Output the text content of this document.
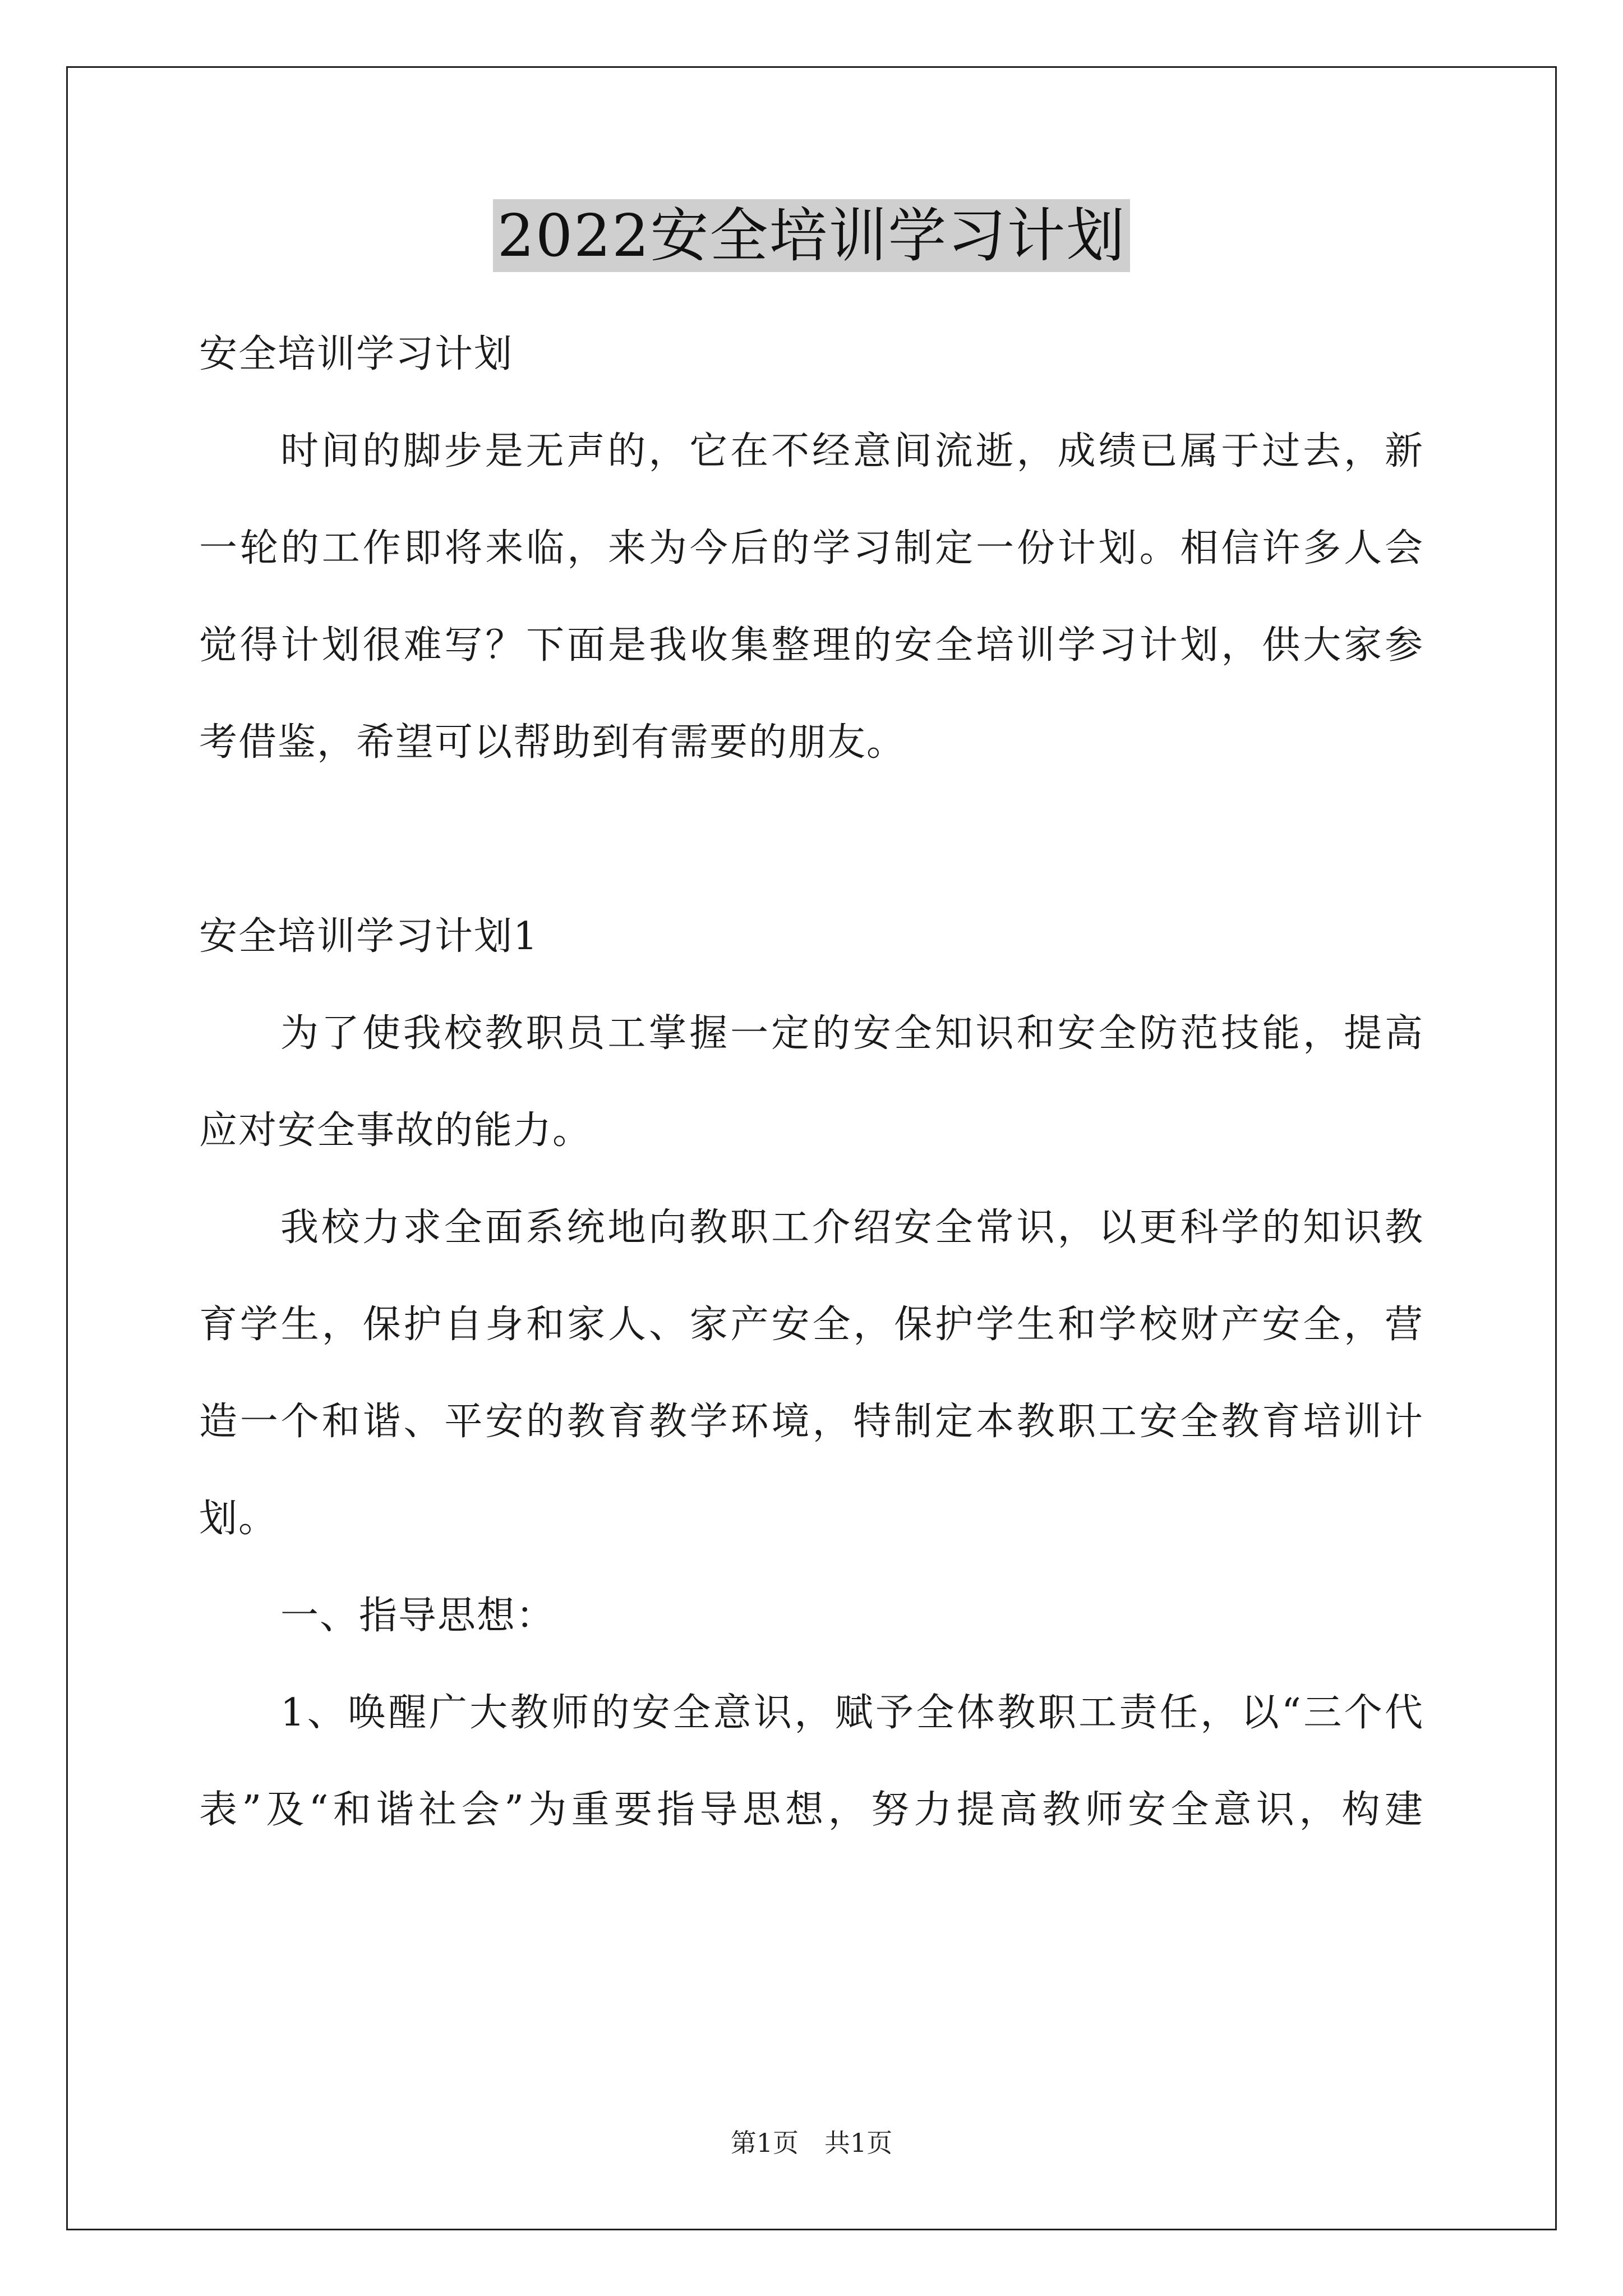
2022安全培训学习计划
安全培训学习计划
时间的脚步是无声的，它在不经意间流逝，成绩已属于过去，新
一轮的工作即将来临，来为今后的学习制定一份计划。相信许多人会
觉得计划很难写？下面是我收集整理的安全培训学习计划，供大家参
考借鉴，希望可以帮助到有需要的朋友。
安全培训学习计划1
为了使我校教职员工掌握一定的安全知识和安全防范技能，提高
应对安全事故的能力。
我校力求全面系统地向教职工介绍安全常识，以更科学的知识教
育学生，保护自身和家人、家产安全，保护学生和学校财产安全，营
造一个和谐、平安的教育教学环境，特制定本教职工安全教育培训计
划。
一、指导思想：
1、唤醒广大教师的安全意识，赋予全体教职工责任，以“三个代
表”及“和谐社会”为重要指导思想，努力提高教师安全意识，构建
第1页　共1页
